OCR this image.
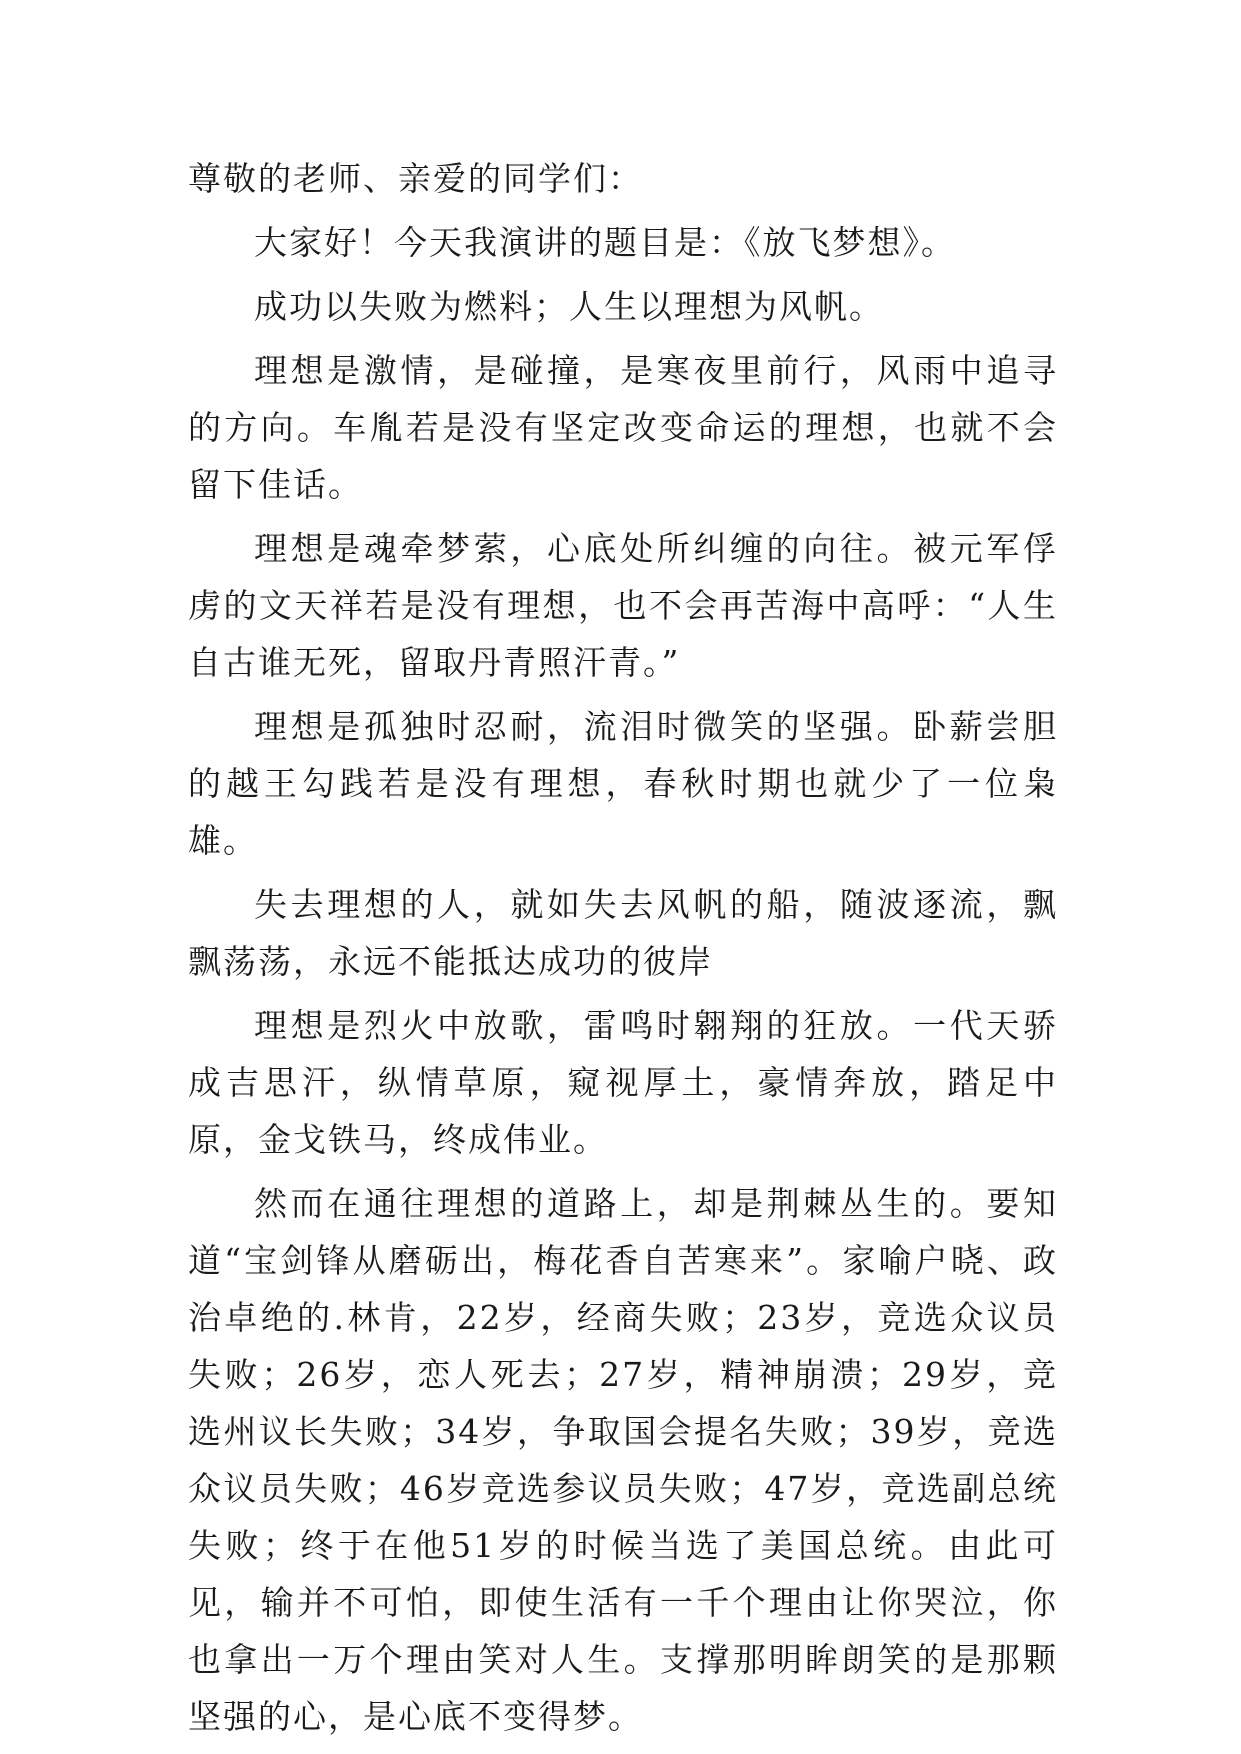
尊敬的老师、亲爱的同学们：

大家好！今天我演讲的题目是：《放飞梦想》。

成功以失败为燃料；人生以理想为风帆。

理想是激情，是碰撞，是寒夜里前行，风雨中追寻的方向。车胤若是没有坚定改变命运的理想，也就不会留下佳话。

理想是魂牵梦萦，心底处所纠缠的向往。被元军俘虏的文天祥若是没有理想，也不会再苦海中高呼：“人生自古谁无死，留取丹青照汗青。”

理想是孤独时忍耐，流泪时微笑的坚强。卧薪尝胆的越王勾践若是没有理想，春秋时期也就少了一位枭雄。

失去理想的人，就如失去风帆的船，随波逐流，飘飘荡荡，永远不能抵达成功的彼岸

理想是烈火中放歌，雷鸣时翱翔的狂放。一代天骄成吉思汗，纵情草原，窥视厚土，豪情奔放，踏足中原，金戈铁马，终成伟业。

然而在通往理想的道路上，却是荆棘丛生的。要知道“宝剑锋从磨砺出，梅花香自苦寒来”。家喻户晓、政治卓绝的.林肯，22岁，经商失败；23岁，竞选众议员失败；26岁，恋人死去；27岁，精神崩溃；29岁，竞选州议长失败；34岁，争取国会提名失败；39岁，竞选众议员失败；46岁竞选参议员失败；47岁，竞选副总统失败；终于在他51岁的时候当选了美国总统。由此可见，输并不可怕，即使生活有一千个理由让你哭泣，你也拿出一万个理由笑对人生。支撑那明眸朗笑的是那颗坚强的心，是心底不变得梦。
